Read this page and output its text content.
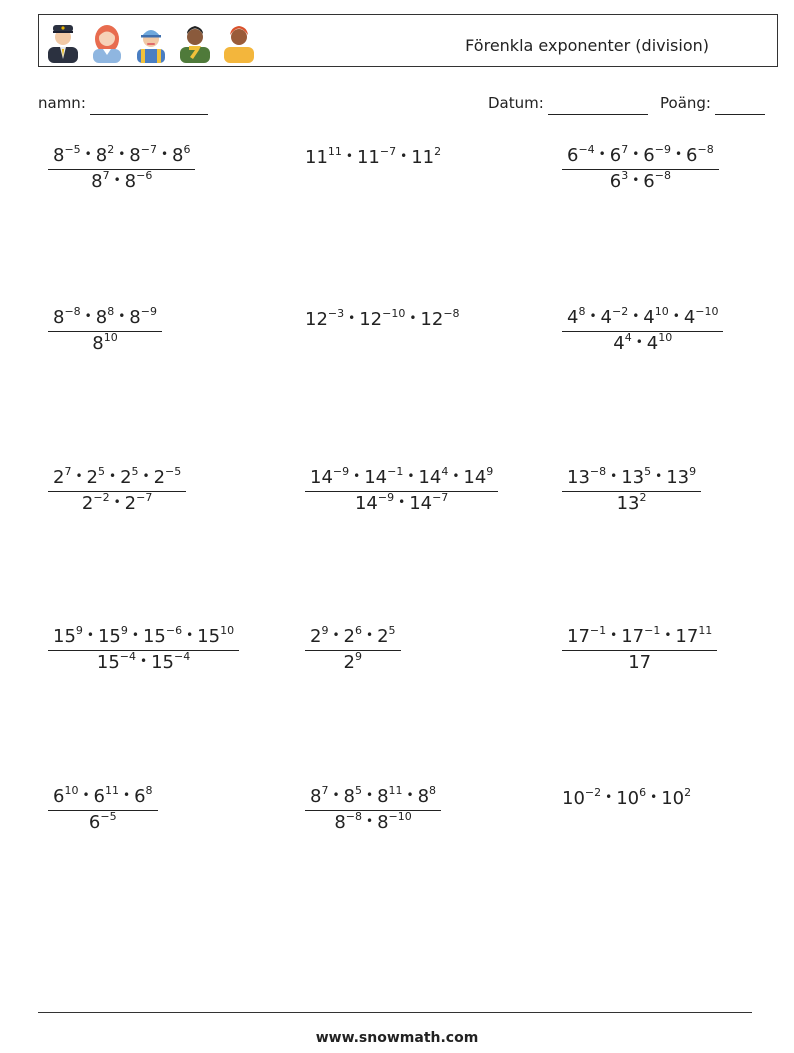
Förenkla exponenter (division)
namn:	Datum:	Poäng:
$\frac{8^{-5} • 8^2 • 8^{-7} • 8^6}{8^7 • 8^{-6}}$	$11^{11}$ • $11^{-7}$ • $11^2$	$\frac{6^{-4} • 6^7 • 6^{-9} • 6^{-8}}{6^3 • 6^{-8}}$
$\frac{8^{-8} • 8^8 • 8^{-9}}{8^{10}}$	$12^{-3}$ • $12^{-10}$ • $12^{-8}$	$\frac{4^8 • 4^{-2} • 4^{10} • 4^{-10}}{4^4 • 4^{10}}$
$\frac{2^7 • 2^5 • 2^5 • 2^{-5}}{2^{-2} • 2^{-7}}$	$\frac{14^{-9} • 14^{-1} • 14^4 • 14^9}{14^{-9} • 14^{-7}}$	$\frac{13^{-8} • 13^5 • 13^9}{13^2}$
$\frac{15^9 • 15^9 • 15^{-6} • 15^{10}}{15^{-4} • 15^{-4}}$	$\frac{2^9 • 2^6 • 2^5}{2^9}$	$\frac{17^{-1} • 17^{-1} • 17^{11}}{17}$
$\frac{6^{10} • 6^{11} • 6^8}{6^{-5}}$	$\frac{8^7 • 8^5 • 8^{11} • 8^8}{8^{-8} • 8^{-10}}$	$10^{-2}$ • $10^6$ • $10^2$
www.snowmath.com
